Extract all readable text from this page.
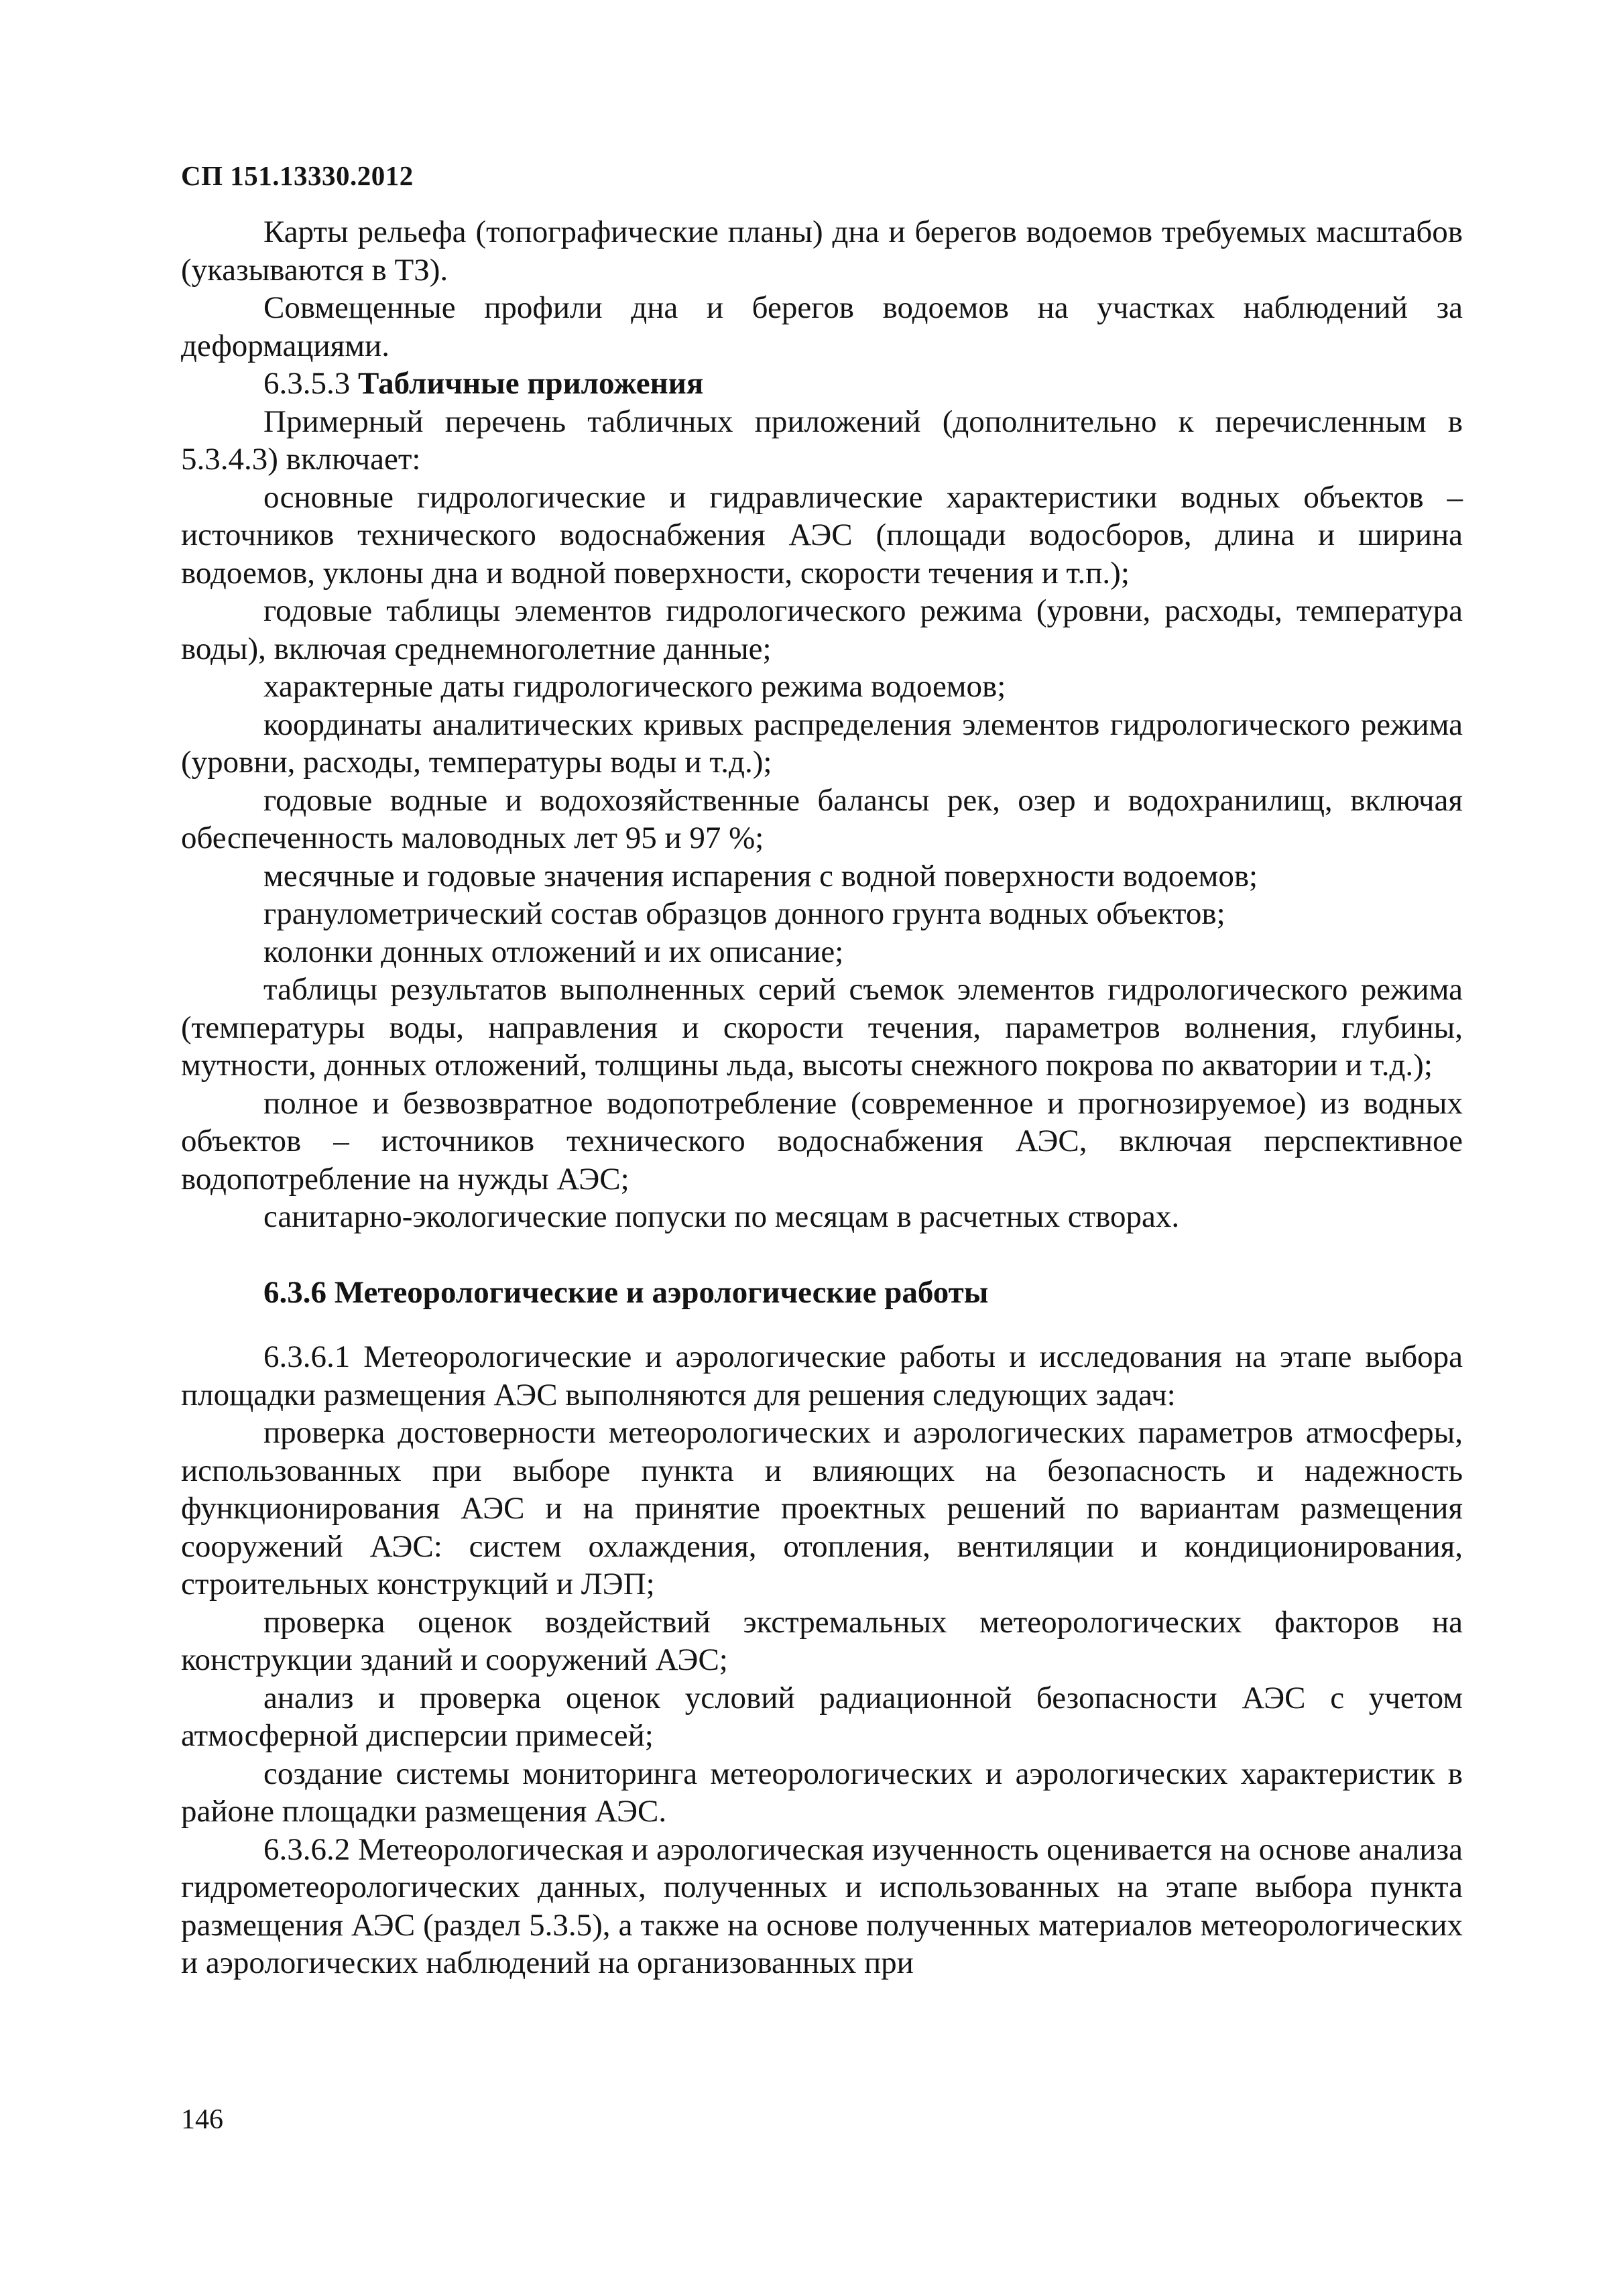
СП 151.13330.2012

Карты рельефа (топографические планы) дна и берегов водоемов требуемых масштабов (указываются в ТЗ).

Совмещенные профили дна и берегов водоемов на участках наблюдений за деформациями.

6.3.5.3 Табличные приложения

Примерный перечень табличных приложений (дополнительно к перечисленным в 5.3.4.3) включает:

основные гидрологические и гидравлические характеристики водных объектов – источников технического водоснабжения АЭС (площади водосборов, длина и ширина водоемов, уклоны дна и водной поверхности, скорости течения и т.п.);

годовые таблицы элементов гидрологического режима (уровни, расходы, температура воды), включая среднемноголетние данные;

характерные даты гидрологического режима водоемов;

координаты аналитических кривых распределения элементов гидрологического режима (уровни, расходы, температуры воды и т.д.);

годовые водные и водохозяйственные балансы рек, озер и водохранилищ, включая обеспеченность маловодных лет 95 и 97 %;

месячные и годовые значения испарения с водной поверхности водоемов;

гранулометрический состав образцов донного грунта водных объектов;

колонки донных отложений и их описание;

таблицы результатов выполненных серий съемок элементов гидрологического режима (температуры воды, направления и скорости течения, параметров волнения, глубины, мутности, донных отложений, толщины льда, высоты снежного покрова по акватории и т.д.);

полное и безвозвратное водопотребление (современное и прогнозируемое) из водных объектов – источников технического водоснабжения АЭС, включая перспективное водопотребление на нужды АЭС;

санитарно-экологические попуски по месяцам в расчетных створах.

6.3.6 Метеорологические и аэрологические работы

6.3.6.1 Метеорологические и аэрологические работы и исследования на этапе выбора площадки размещения АЭС выполняются для решения следующих задач:

проверка достоверности метеорологических и аэрологических параметров атмосферы, использованных при выборе пункта и влияющих на безопасность и надежность функционирования АЭС и на принятие проектных решений по вариантам размещения сооружений АЭС: систем охлаждения, отопления, вентиляции и кондиционирования, строительных конструкций и ЛЭП;

проверка оценок воздействий экстремальных метеорологических факторов на конструкции зданий и сооружений АЭС;

анализ и проверка оценок условий радиационной безопасности АЭС с учетом атмосферной дисперсии примесей;

создание системы мониторинга метеорологических и аэрологических характеристик в районе площадки размещения АЭС.

6.3.6.2 Метеорологическая и аэрологическая изученность оценивается на основе анализа гидрометеорологических данных, полученных и использованных на этапе выбора пункта размещения АЭС (раздел 5.3.5), а также на основе полученных материалов метеорологических и аэрологических наблюдений на организованных при

146
